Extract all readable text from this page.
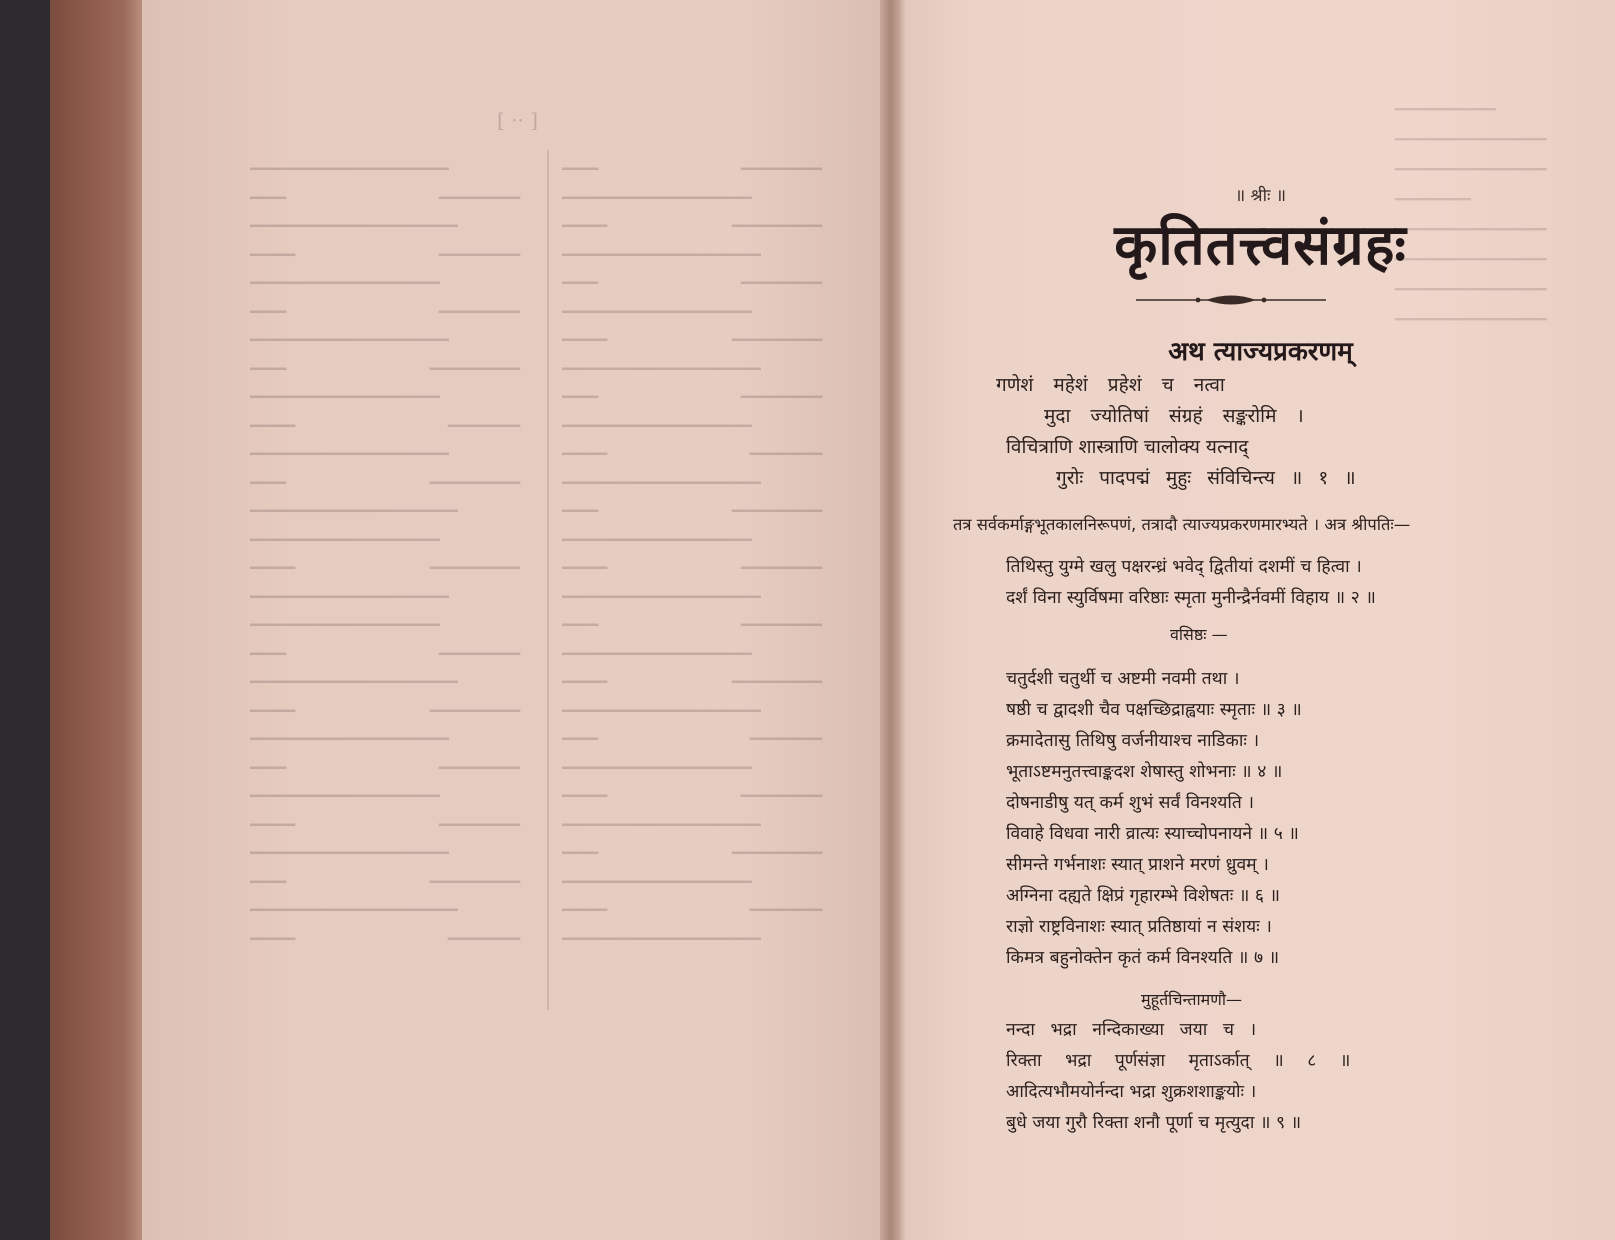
[ ·· ]
━━━━━━━━━━━━━━━━━━━━━━
━━━━	━━━━━━━━━
━━━━━━━━━━━━━━━━━━━━━━━
━━━━━	━━━━━━━━━
━━━━━━━━━━━━━━━━━━━━━
━━━━	━━━━━━━━━
━━━━━━━━━━━━━━━━━━━━━━
━━━━	━━━━━━━━━━
━━━━━━━━━━━━━━━━━━━━━
━━━━━	━━━━━━━━
━━━━━━━━━━━━━━━━━━━━━━
━━━━	━━━━━━━━━━
━━━━━━━━━━━━━━━━━━━━━━━
━━━━━━━━━━━━━━━━━━━━━
━━━━━	━━━━━━━━━━
━━━━━━━━━━━━━━━━━━━━━━
━━━━━━━━━━━━━━━━━━━━━
━━━━	━━━━━━━━━
━━━━━━━━━━━━━━━━━━━━━━━
━━━━━	━━━━━━━━━━
━━━━━━━━━━━━━━━━━━━━━━
━━━━	━━━━━━━━━
━━━━━━━━━━━━━━━━━━━━━
━━━━━	━━━━━━━━━
━━━━━━━━━━━━━━━━━━━━━━
━━━━	━━━━━━━━━━
━━━━━━━━━━━━━━━━━━━━━━━
━━━━━	━━━━━━━━
━━━━	━━━━━━━━━
━━━━━━━━━━━━━━━━━━━━━
━━━━━	━━━━━━━━━━
━━━━━━━━━━━━━━━━━━━━━━
━━━━	━━━━━━━━━
━━━━━━━━━━━━━━━━━━━━━
━━━━━	━━━━━━━━━━
━━━━━━━━━━━━━━━━━━━━━━
━━━━	━━━━━━━━━
━━━━━━━━━━━━━━━━━━━━━
━━━━━	━━━━━━━━
━━━━━━━━━━━━━━━━━━━━━━
━━━━	━━━━━━━━━━
━━━━━━━━━━━━━━━━━━━━━
━━━━━	━━━━━━━━━
━━━━━━━━━━━━━━━━━━━━━━
━━━━	━━━━━━━━━
━━━━━━━━━━━━━━━━━━━━━
━━━━━	━━━━━━━━━━
━━━━━━━━━━━━━━━━━━━━━━
━━━━	━━━━━━━━
━━━━━━━━━━━━━━━━━━━━━
━━━━━	━━━━━━━━━
━━━━━━━━━━━━━━━━━━━━━━
━━━━	━━━━━━━━━━
━━━━━━━━━━━━━━━━━━━━━
━━━━━	━━━━━━━━
━━━━━━━━━━━━━━━━━━━━━━
━━━━━━━━━━━━
━━━━━━━━━━━━━━━━━━
━━━━━━━━━━━━━━━━━━
━━━━━━━━━
━━━━━━━━━━━━━━━━━━
━━━━━━━━━━━━━━━━━━
━━━━━━━━━━━━━━━━━━
━━━━━━━━━━━━━━━━━━
॥ श्रीः ॥
कृतितत्त्वसंग्रहः
अथ त्याज्यप्रकरणम्
गणेशं महेशं प्रहेशं च नत्वा
मुदा ज्योतिषां संग्रहं सङ्करोमि ।
विचित्राणि शास्त्राणि चालोक्य यत्नाद्
गुरोः पादपद्मं मुहुः संविचिन्त्य ॥ १ ॥
तत्र सर्वकर्माङ्गभूतकालनिरूपणं, तत्रादौ त्याज्यप्रकरणमारभ्यते । अत्र श्रीपतिः—
तिथिस्तु युग्मे खलु पक्षरन्ध्रं भवेद् द्वितीयां दशमीं च हित्वा ।
दर्शं विना स्युर्विषमा वरिष्ठाः स्मृता मुनीन्द्रैर्नवमीं विहाय ॥ २ ॥
वसिष्ठः —
चतुर्दशी चतुर्थी च अष्टमी नवमी तथा ।
षष्ठी च द्वादशी चैव पक्षच्छिद्राह्वयाः स्मृताः ॥ ३ ॥
क्रमादेतासु तिथिषु वर्जनीयाश्च नाडिकाः ।
भूताऽष्टमनुतत्त्वाङ्कदश शेषास्तु शोभनाः ॥ ४ ॥
दोषनाडीषु यत् कर्म शुभं सर्वं विनश्यति ।
विवाहे विधवा नारी व्रात्यः स्याच्चोपनायने ॥ ५ ॥
सीमन्ते गर्भनाशः स्यात् प्राशने मरणं ध्रुवम् ।
अग्निना दह्यते क्षिप्रं गृहारम्भे विशेषतः ॥ ६ ॥
राज्ञो राष्ट्रविनाशः स्यात् प्रतिष्ठायां न संशयः ।
किमत्र बहुनोक्तेन कृतं कर्म विनश्यति ॥ ७ ॥
मुहूर्तचिन्तामणौ—
नन्दा भद्रा नन्दिकाख्या जया च ।
रिक्ता भद्रा पूर्णसंज्ञा मृताऽर्कात् ॥ ८ ॥
आदित्यभौमयोर्नन्दा भद्रा शुक्रशशाङ्कयोः ।
बुधे जया गुरौ रिक्ता शनौ पूर्णा च मृत्युदा ॥ ९ ॥
